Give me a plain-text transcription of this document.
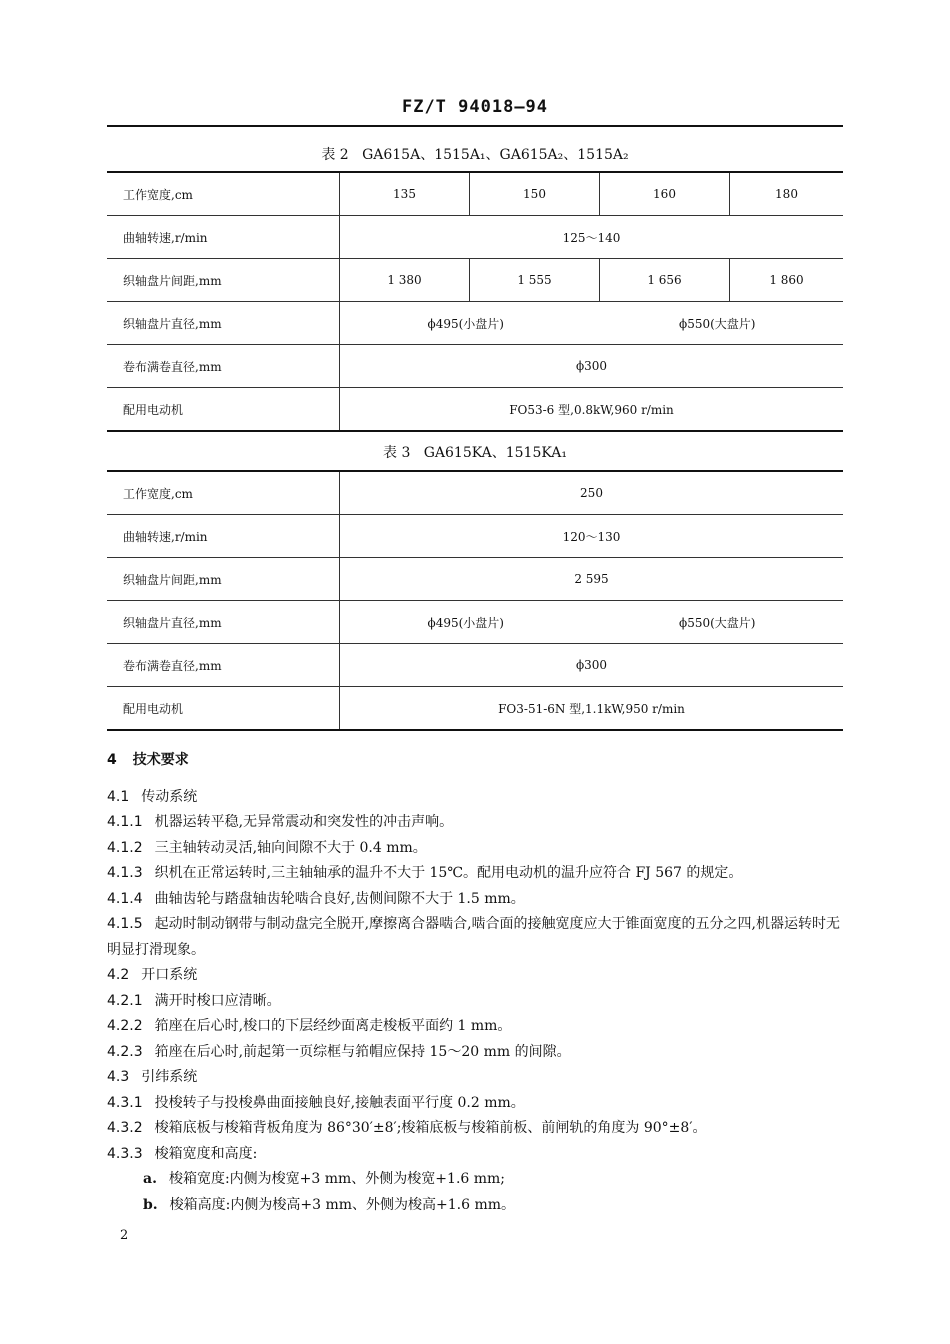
FZ/T 94018—94
表 2 GA615A、1515A₁、GA615A₂、1515A₂
工作宽度,cm	135	150	160	180
曲轴转速,r/min	125～140			
织轴盘片间距,mm	1 380	1 555	1 656	1 860
织轴盘片直径,mm	ϕ495(小盘片) ϕ550(大盘片)			

卷布满卷直径,mm	ϕ300			
配用电动机	FO53-6 型,0.8kW,960 r/min			
表 3 GA615KA、1515KA₁
工作宽度,cm	250
曲轴转速,r/min	120～130
织轴盘片间距,mm	2 595
织轴盘片直径,mm	ϕ495(小盘片) ϕ550(大盘片)

卷布满卷直径,mm	ϕ300
配用电动机	FO3-51-6N 型,1.1kW,950 r/min

4 技术要求

4.1 传动系统

4.1.1 机器运转平稳,无异常震动和突发性的冲击声响。

4.1.2 三主轴转动灵活,轴向间隙不大于 0.4 mm。

4.1.3 织机在正常运转时,三主轴轴承的温升不大于 15℃。配用电动机的温升应符合 FJ 567 的规定。

4.1.4 曲轴齿轮与踏盘轴齿轮啮合良好,齿侧间隙不大于 1.5 mm。

4.1.5 起动时制动钢带与制动盘完全脱开,摩擦离合器啮合,啮合面的接触宽度应大于锥面宽度的五分之四,机器运转时无明显打滑现象。

4.2 开口系统

4.2.1 满开时梭口应清晰。

4.2.2 筘座在后心时,梭口的下层经纱面离走梭板平面约 1 mm。

4.2.3 筘座在后心时,前起第一页综框与筘帽应保持 15～20 mm 的间隙。

4.3 引纬系统

4.3.1 投梭转子与投梭鼻曲面接触良好,接触表面平行度 0.2 mm。

4.3.2 梭箱底板与梭箱背板角度为 86°30′±8′;梭箱底板与梭箱前板、前闸轨的角度为 90°±8′。

4.3.3 梭箱宽度和高度:

a. 梭箱宽度:内侧为梭宽+3 mm、外侧为梭宽+1.6 mm;

b. 梭箱高度:内侧为梭高+3 mm、外侧为梭高+1.6 mm。

2
